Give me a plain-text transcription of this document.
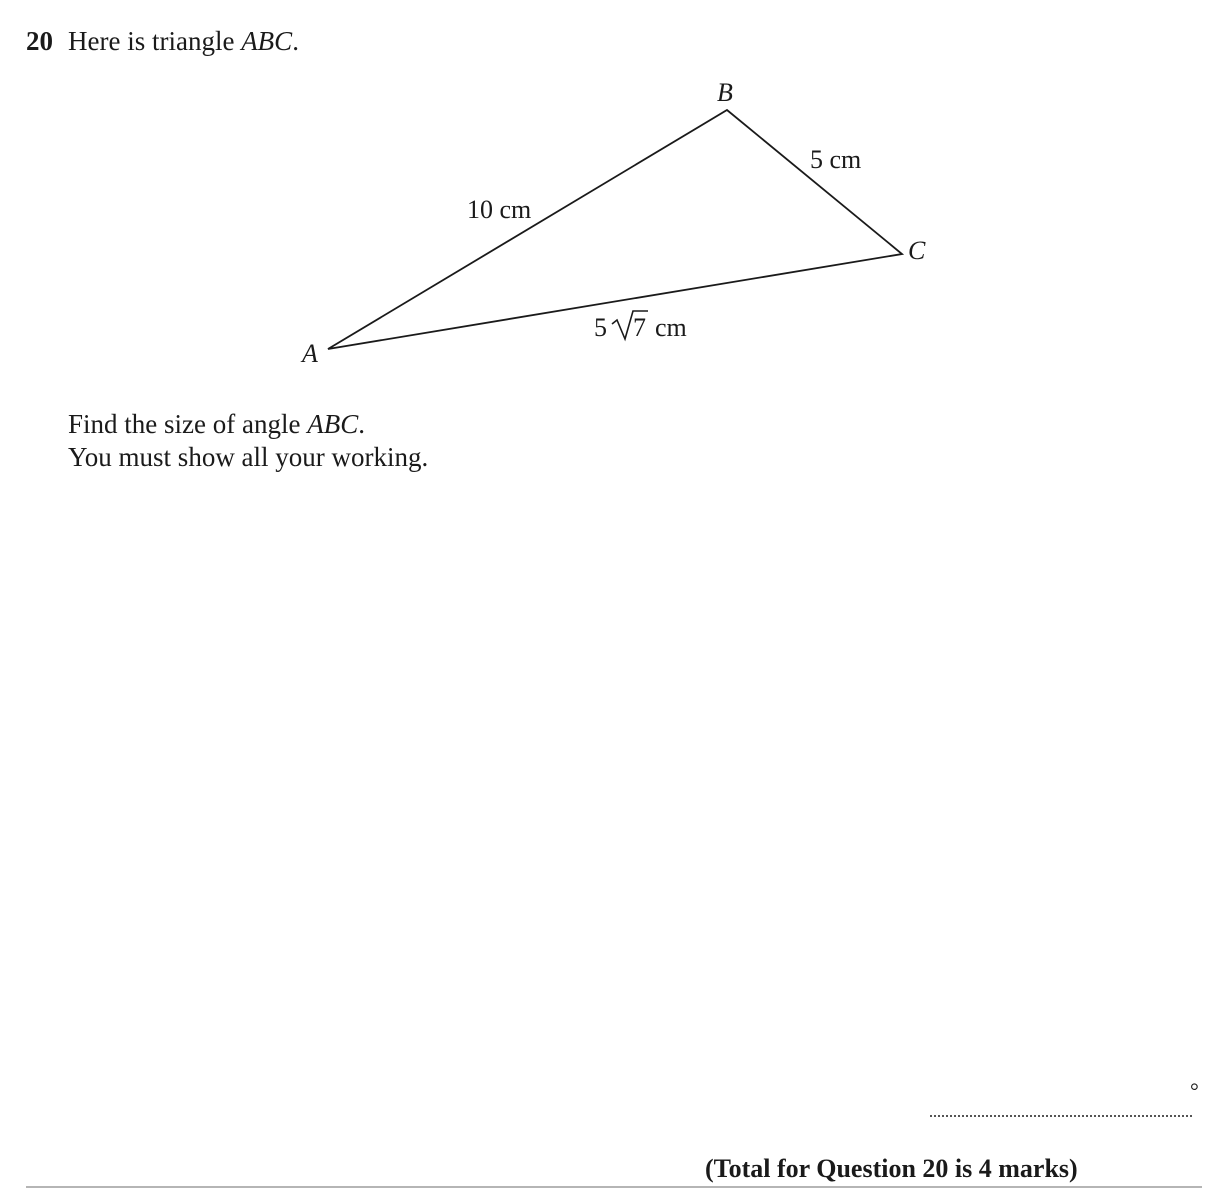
20 Here is triangle ABC.
A
B
C
10 cm
5 cm
5 7 cm
Find the size of angle ABC.
You must show all your working.
°
(Total for Question 20 is 4 marks)
